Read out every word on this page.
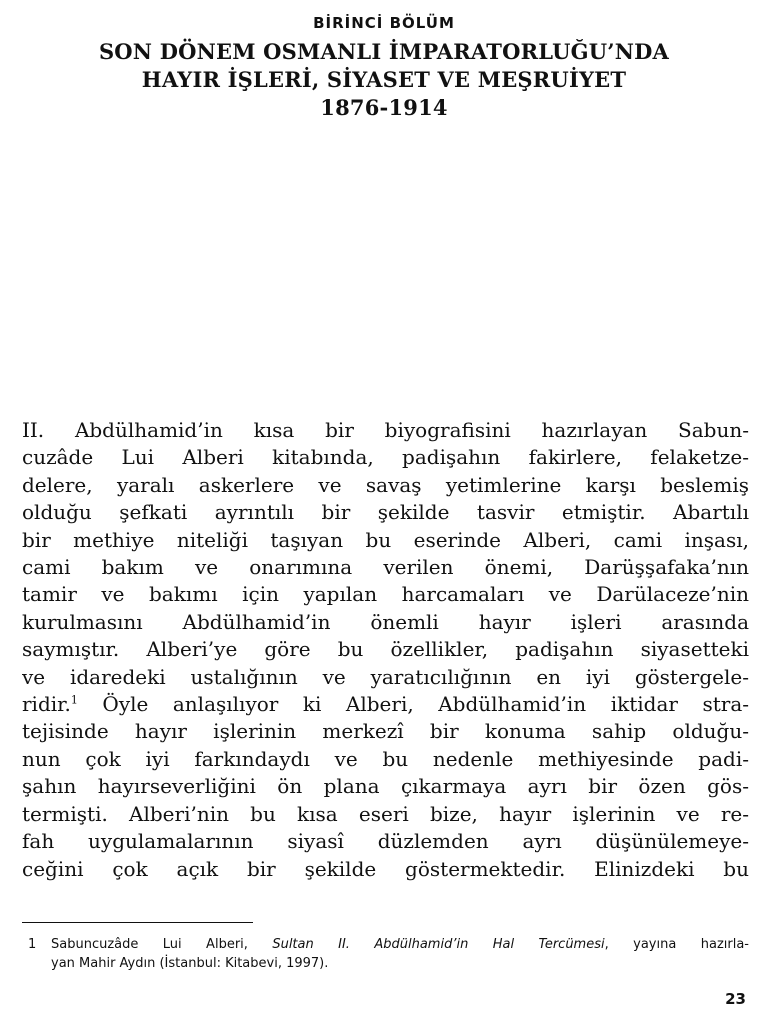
BİRİNCİ BÖLÜM
SON DÖNEM OSMANLI İMPARATORLUĞU’NDA
HAYIR İŞLERİ, SİYASET VE MEŞRUİYET
1876-1914
II. Abdülhamid’in kısa bir biyografisini hazırlayan Sabun-
cuzâde Lui Alberi kitabında, padişahın fakirlere, felaketze-
delere, yaralı askerlere ve savaş yetimlerine karşı beslemiş
olduğu şefkati ayrıntılı bir şekilde tasvir etmiştir. Abartılı
bir methiye niteliği taşıyan bu eserinde Alberi, cami inşası,
cami bakım ve onarımına verilen önemi, Darüşşafaka’nın
tamir ve bakımı için yapılan harcamaları ve Darülaceze’nin
kurulmasını Abdülhamid’in önemli hayır işleri arasında
saymıştır. Alberi’ye göre bu özellikler, padişahın siyasetteki
ve idaredeki ustalığının ve yaratıcılığının en iyi göstergele-
ridir.$^1$ Öyle anlaşılıyor ki Alberi, Abdülhamid’in iktidar stra-
tejisinde hayır işlerinin merkezî bir konuma sahip olduğu-
nun çok iyi farkındaydı ve bu nedenle methiyesinde padi-
şahın hayırseverliğini ön plana çıkarmaya ayrı bir özen gös-
termişti. Alberi’nin bu kısa eseri bize, hayır işlerinin ve re-
fah uygulamalarının siyasî düzlemden ayrı düşünülemeye-
ceğini çok açık bir şekilde göstermektedir. Elinizdeki bu
1 Sabuncuzâde Lui Alberi, Sultan II. Abdülhamid’in Hal Tercümesi, yayına hazırla-
yan Mahir Aydın (İstanbul: Kitabevi, 1997).
23
